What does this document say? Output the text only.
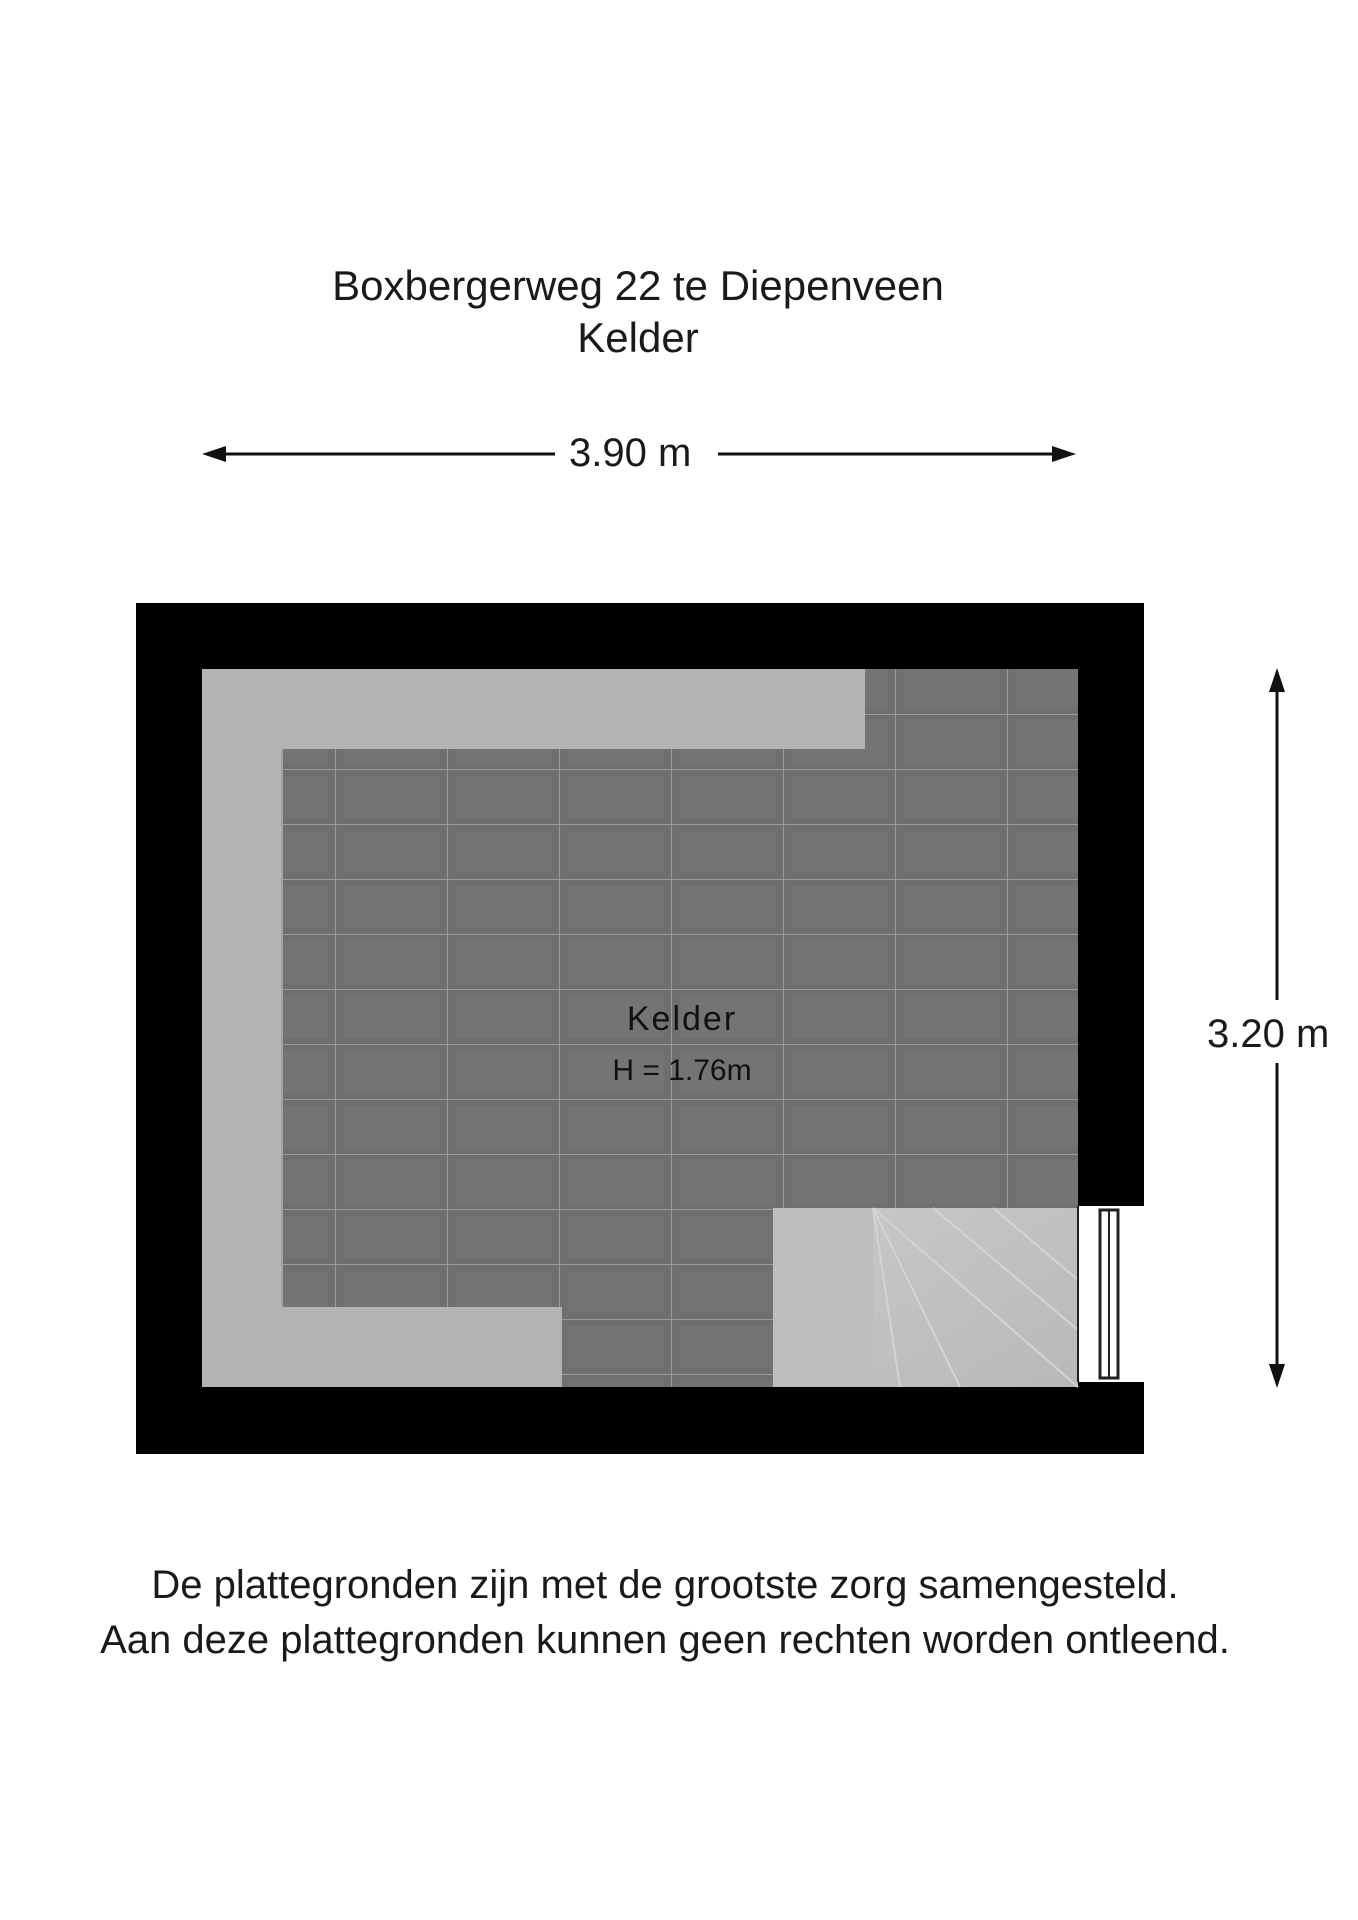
Boxbergerweg 22 te Diepenveen
Kelder
Kelder
H = 1.76m
3.90 m
3.20 m
De plattegronden zijn met de grootste zorg samengesteld.
Aan deze plattegronden kunnen geen rechten worden ontleend.
